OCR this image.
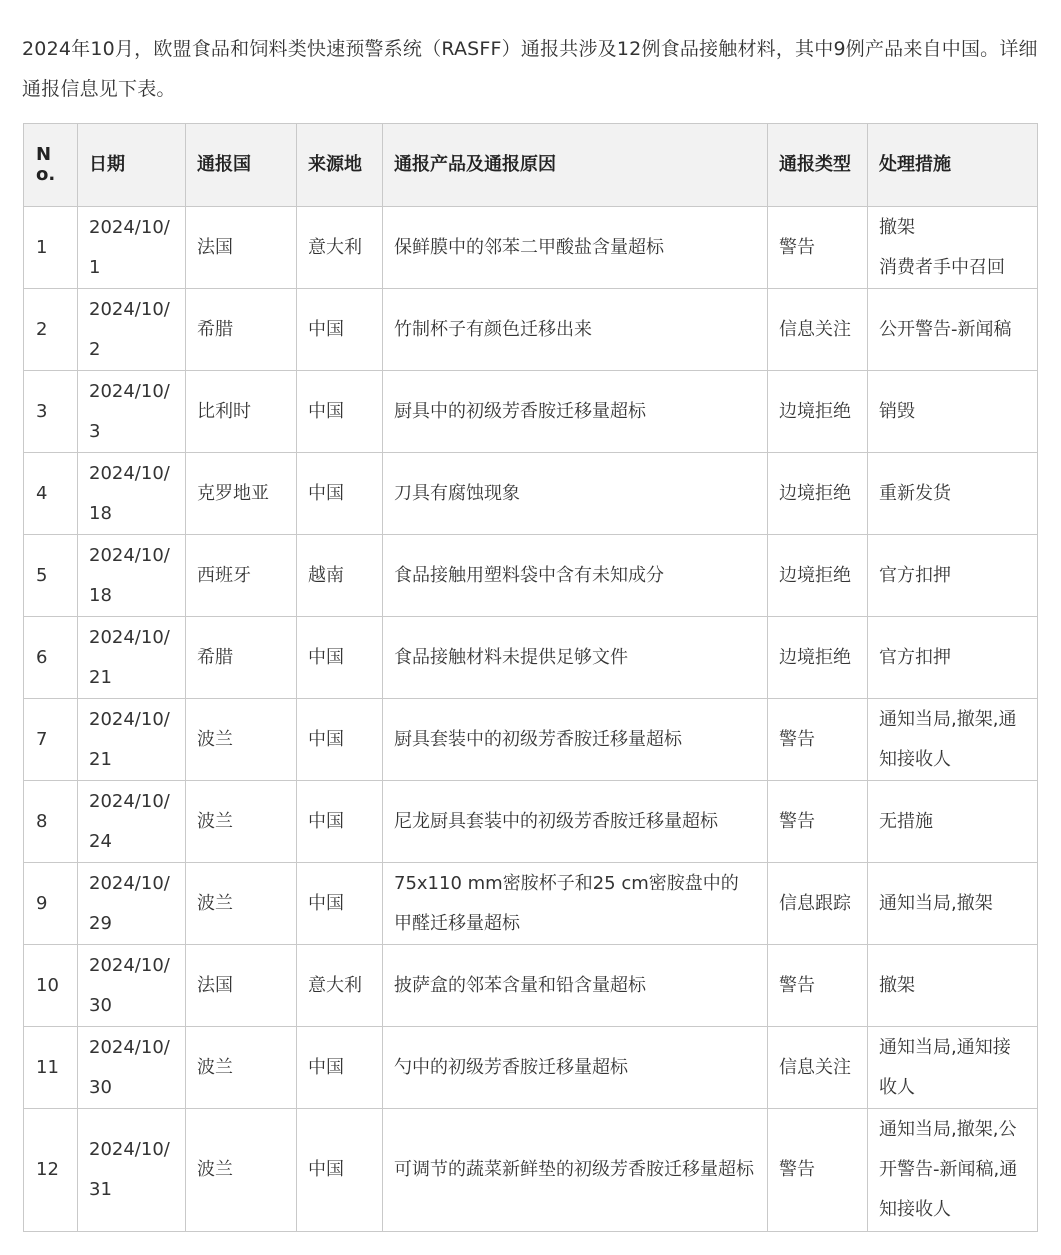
2024年10月，欧盟食品和饲料类快速预警系统（RASFF）通报共涉及12例食品接触材料，其中9例产品来自中国。详细通报信息见下表。

No.	日期	通报国	来源地	通报产品及通报原因	通报类型	处理措施
1	2024/10/1	法国	意大利	保鲜膜中的邻苯二甲酸盐含量超标	警告	撤架
消费者手中召回
2	2024/10/2	希腊	中国	竹制杯子有颜色迁移出来	信息关注	公开警告-新闻稿
3	2024/10/3	比利时	中国	厨具中的初级芳香胺迁移量超标	边境拒绝	销毁
4	2024/10/18	克罗地亚	中国	刀具有腐蚀现象	边境拒绝	重新发货
5	2024/10/18	西班牙	越南	食品接触用塑料袋中含有未知成分	边境拒绝	官方扣押
6	2024/10/21	希腊	中国	食品接触材料未提供足够文件	边境拒绝	官方扣押
7	2024/10/21	波兰	中国	厨具套装中的初级芳香胺迁移量超标	警告	通知当局,撤架,通知接收人
8	2024/10/24	波兰	中国	尼龙厨具套装中的初级芳香胺迁移量超标	警告	无措施
9	2024/10/29	波兰	中国	75x110 mm密胺杯子和25 cm密胺盘中的甲醛迁移量超标	信息跟踪	通知当局,撤架
10	2024/10/30	法国	意大利	披萨盒的邻苯含量和铅含量超标	警告	撤架
11	2024/10/30	波兰	中国	勺中的初级芳香胺迁移量超标	信息关注	通知当局,通知接收人
12	2024/10/31	波兰	中国	可调节的蔬菜新鲜垫的初级芳香胺迁移量超标	警告	通知当局,撤架,公开警告-新闻稿,通知接收人
